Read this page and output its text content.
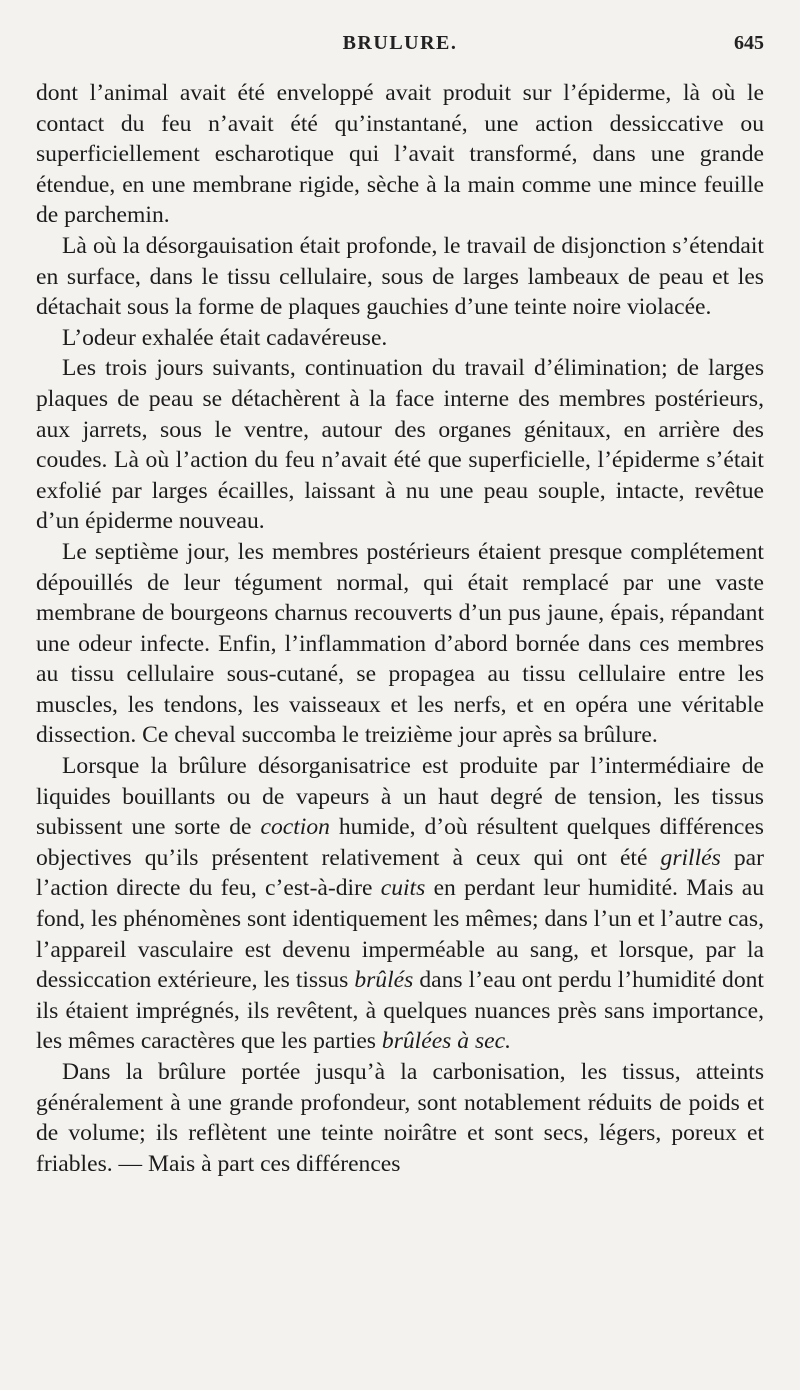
BRULURE.	645

dont l’animal avait été enveloppé avait produit sur l’épiderme, là où le contact du feu n’avait été qu’instantané, une action dessiccative ou superficiellement escharotique qui l’avait transformé, dans une grande étendue, en une membrane rigide, sèche à la main comme une mince feuille de parchemin.

Là où la désorgauisation était profonde, le travail de disjonction s’étendait en surface, dans le tissu cellulaire, sous de larges lambeaux de peau et les détachait sous la forme de plaques gauchies d’une teinte noire violacée.

L’odeur exhalée était cadavéreuse.

Les trois jours suivants, continuation du travail d’élimination; de larges plaques de peau se détachèrent à la face interne des membres postérieurs, aux jarrets, sous le ventre, autour des organes génitaux, en arrière des coudes. Là où l’action du feu n’avait été que superficielle, l’épiderme s’était exfolié par larges écailles, laissant à nu une peau souple, intacte, revêtue d’un épiderme nouveau.

Le septième jour, les membres postérieurs étaient presque complétement dépouillés de leur tégument normal, qui était remplacé par une vaste membrane de bourgeons charnus recouverts d’un pus jaune, épais, répandant une odeur infecte. Enfin, l’inflammation d’abord bornée dans ces membres au tissu cellulaire sous-cutané, se propagea au tissu cellulaire entre les muscles, les tendons, les vaisseaux et les nerfs, et en opéra une véritable dissection. Ce cheval succomba le treizième jour après sa brûlure.

Lorsque la brûlure désorganisatrice est produite par l’intermédiaire de liquides bouillants ou de vapeurs à un haut degré de tension, les tissus subissent une sorte de coction humide, d’où résultent quelques différences objectives qu’ils présentent relativement à ceux qui ont été grillés par l’action directe du feu, c’est-à-dire cuits en perdant leur humidité. Mais au fond, les phénomènes sont identiquement les mêmes; dans l’un et l’autre cas, l’appareil vasculaire est devenu imperméable au sang, et lorsque, par la dessiccation extérieure, les tissus brûlés dans l’eau ont perdu l’humidité dont ils étaient imprégnés, ils revêtent, à quelques nuances près sans importance, les mêmes caractères que les parties brûlées à sec.

Dans la brûlure portée jusqu’à la carbonisation, les tissus, atteints généralement à une grande profondeur, sont notablement réduits de poids et de volume; ils reflètent une teinte noirâtre et sont secs, légers, poreux et friables. — Mais à part ces différences
